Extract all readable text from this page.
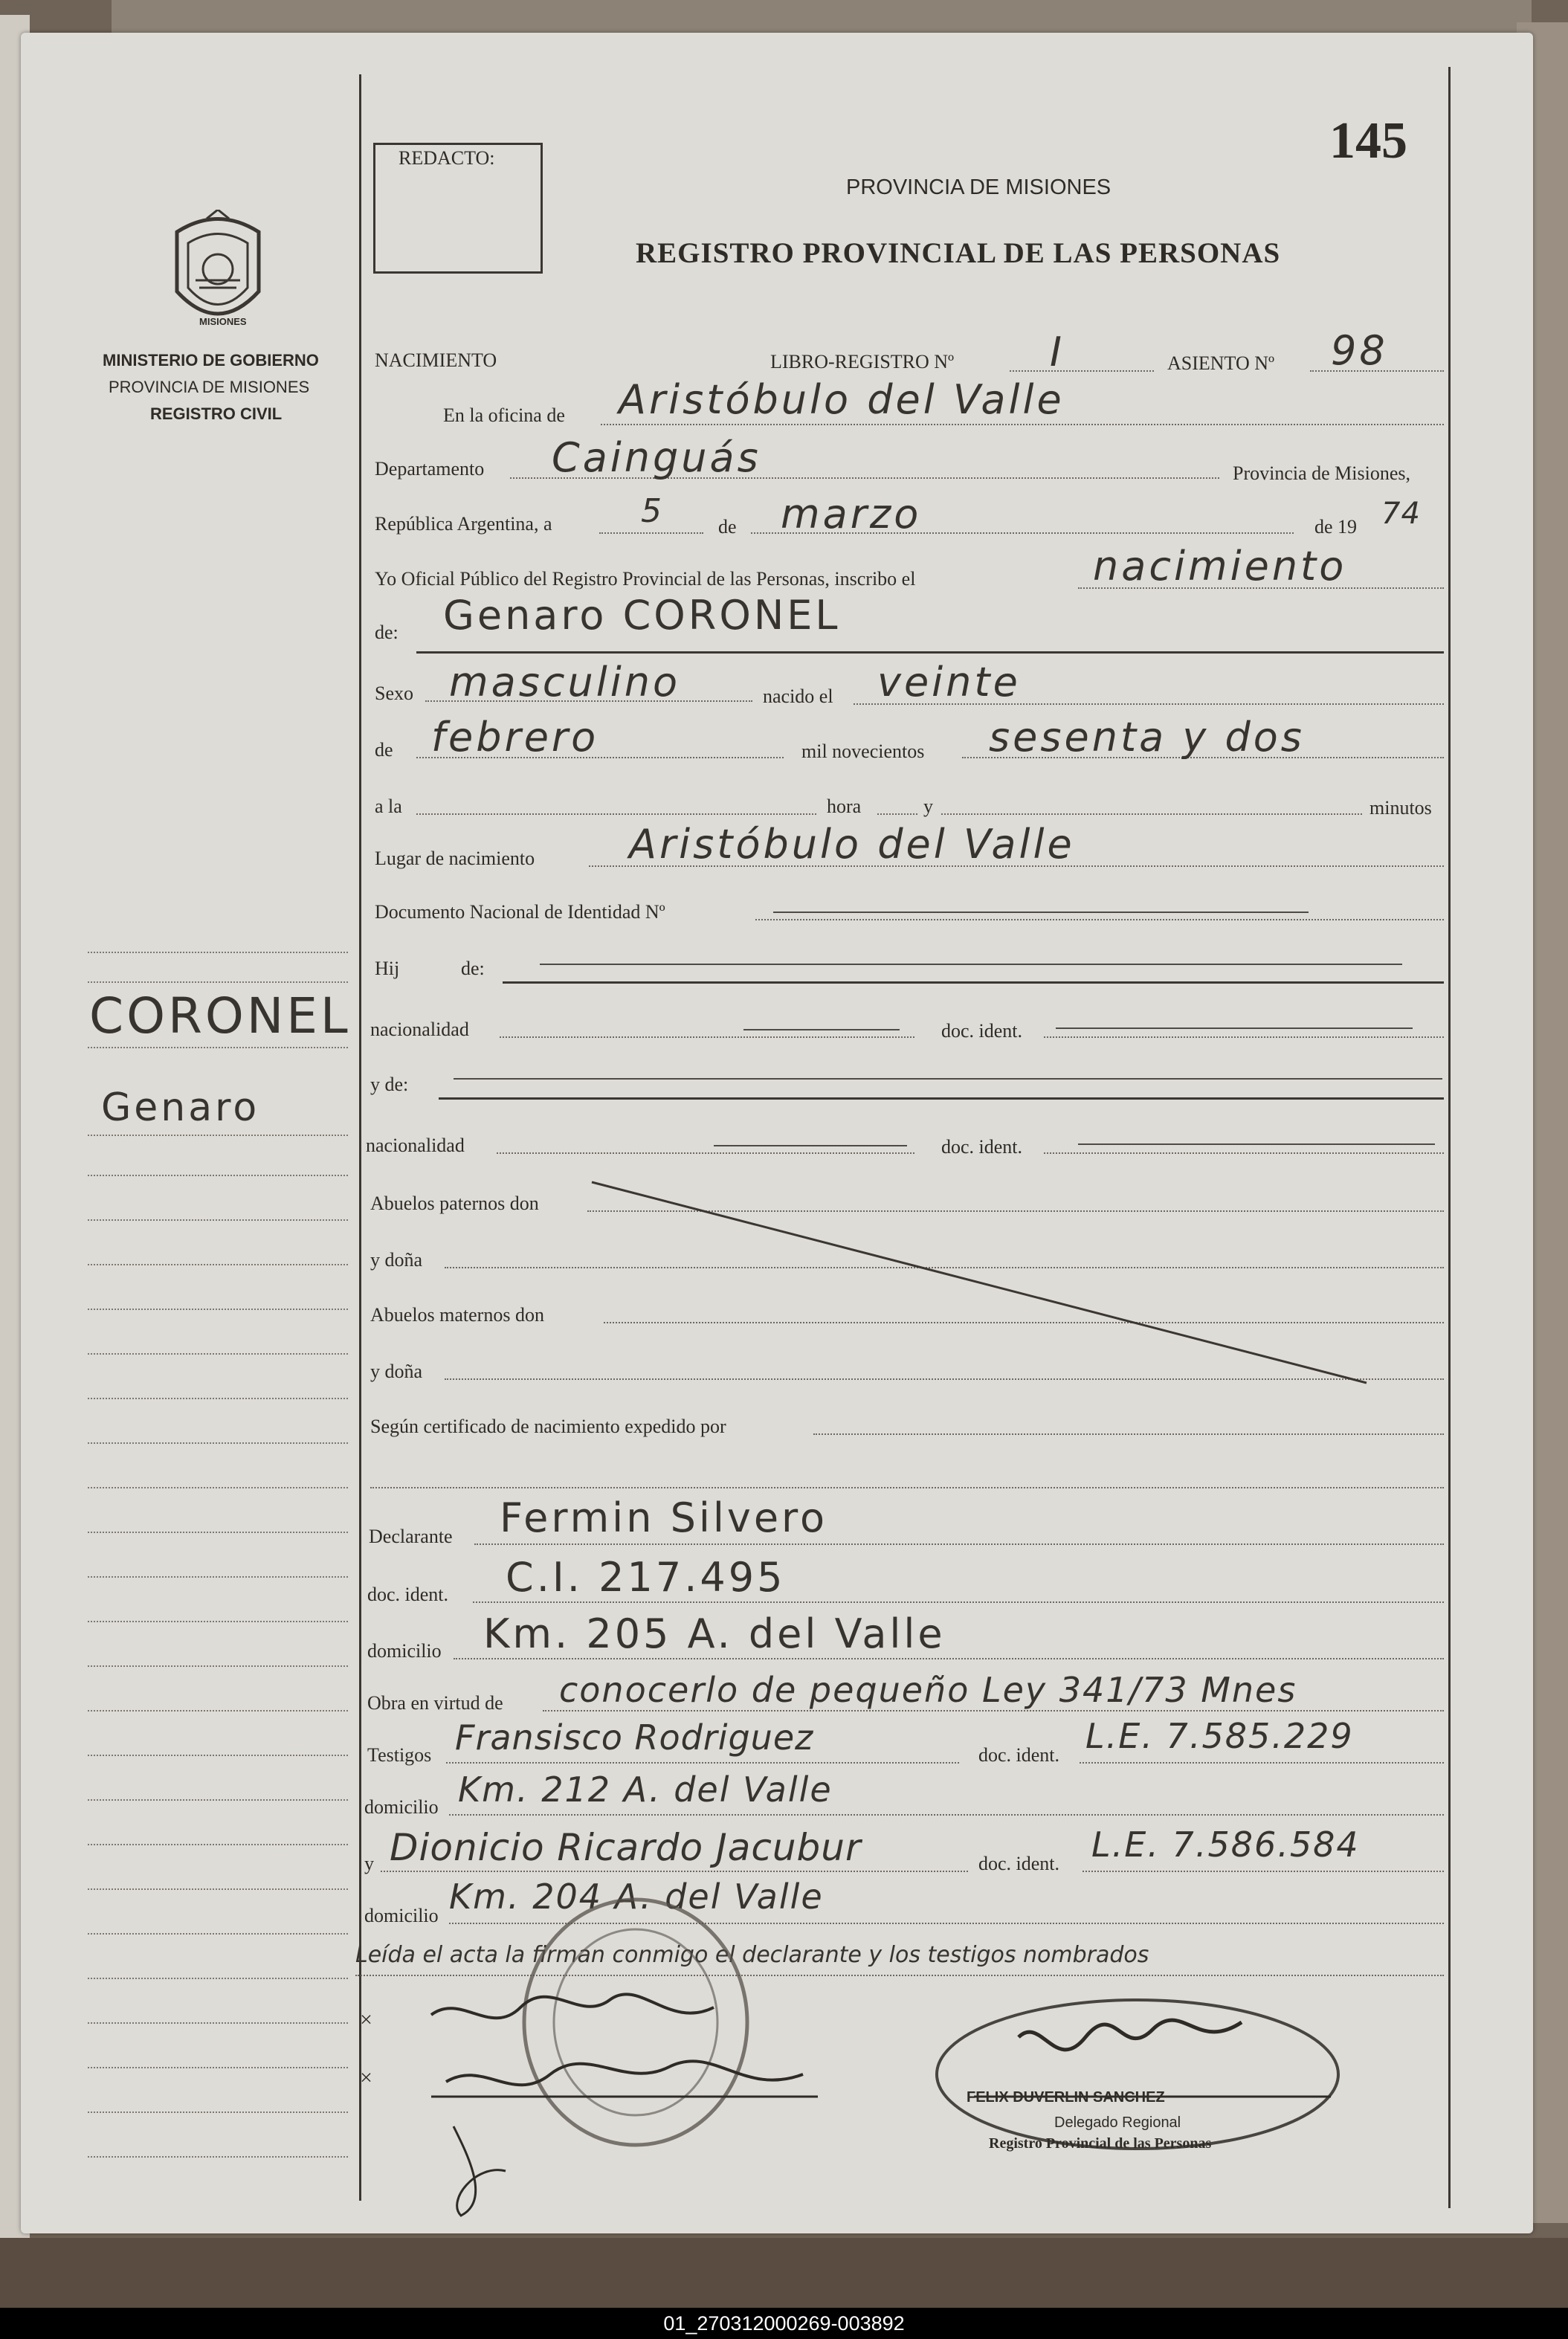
145
REDACTO:
PROVINCIA DE MISIONES
REGISTRO PROVINCIAL DE LAS PERSONAS
MISIONES
MINISTERIO DE GOBIERNO
PROVINCIA DE MISIONES
REGISTRO CIVIL
CORONEL
Genaro
NACIMIENTO	LIBRO-REGISTRO Nº I	ASIENTO Nº 98
En la oficina de Aristóbulo del Valle
Departamento Cainguás	Provincia de Misiones,
República Argentina, a	5	de marzo	de 19 74
Yo Oficial Público del Registro Provincial de las Personas, inscribo el	nacimiento
de: Genaro CORONEL
Sexo masculino	nacido el veinte
de febrero	mil novecientos sesenta y dos
a la	hora	y	minutos
Lugar de nacimiento Aristóbulo del Valle
Documento Nacional de Identidad Nº
Hij	de:
nacionalidad	doc. ident.
y de:
nacionalidad	doc. ident.
Abuelos paternos don
y doña
Abuelos maternos don
y doña
Según certificado de nacimiento expedido por
Declarante Fermin Silvero
doc. ident. C.I. 217.495
domicilio Km. 205 A. del Valle
Obra en virtud de conocerlo de pequeño Ley 341/73 Mnes
Testigos Fransisco Rodriguez	doc. ident. L.E. 7.585.229
domicilio Km. 212 A. del Valle
y Dionicio Ricardo Jacubur	doc. ident. L.E. 7.586.584
domicilio Km. 204 A. del Valle
Leída el acta la firman conmigo el declarante y los testigos nombrados
×
×
FELIX DUVERLIN SANCHEZ
Delegado Regional
Registro Provincial de las Personas
01_270312000269-003892
